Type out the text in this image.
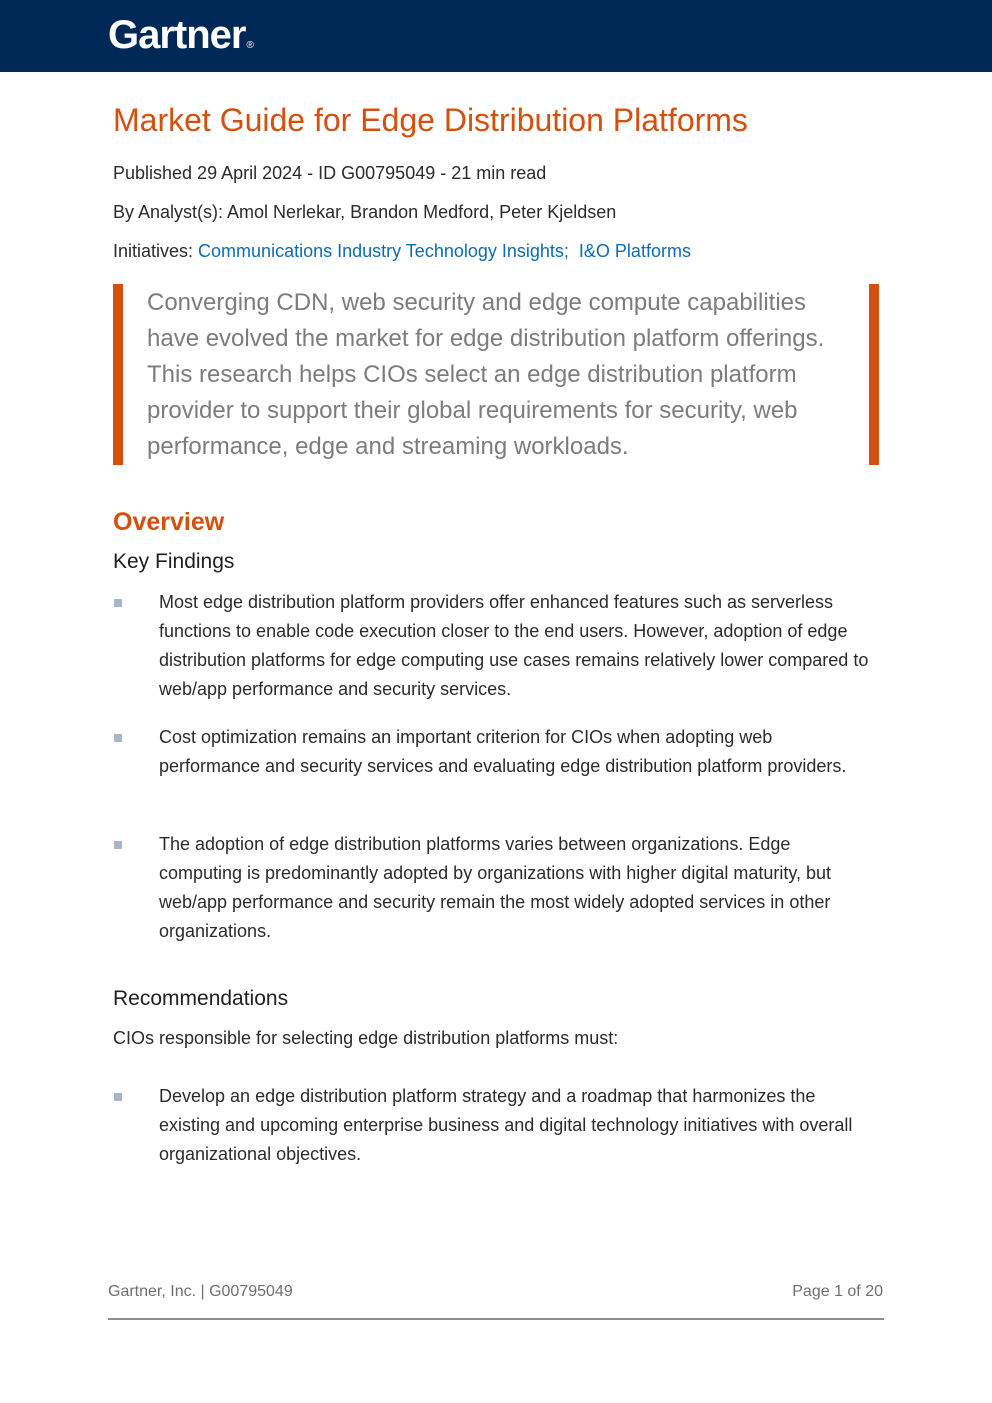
Gartner®
Market Guide for Edge Distribution Platforms

Published 29 April 2024 - ID G00795049 - 21 min read

By Analyst(s): Amol Nerlekar, Brandon Medford, Peter Kjeldsen

Initiatives: Communications Industry Technology Insights; I&O Platforms

Converging CDN, web security and edge compute capabilities have evolved the market for edge distribution platform offerings. This research helps CIOs select an edge distribution platform provider to support their global requirements for security, web performance, edge and streaming workloads.

Overview
Key Findings

Most edge distribution platform providers offer enhanced features such as serverless functions to enable code execution closer to the end users. However, adoption of edge distribution platforms for edge computing use cases remains relatively lower compared to web/app performance and security services.

Cost optimization remains an important criterion for CIOs when adopting web performance and security services and evaluating edge distribution platform providers.

The adoption of edge distribution platforms varies between organizations. Edge computing is predominantly adopted by organizations with higher digital maturity, but web/app performance and security remain the most widely adopted services in other organizations.

Recommendations

CIOs responsible for selecting edge distribution platforms must:

Develop an edge distribution platform strategy and a roadmap that harmonizes the existing and upcoming enterprise business and digital technology initiatives with overall organizational objectives.

Gartner, Inc. | G00795049	Page 1 of 20
